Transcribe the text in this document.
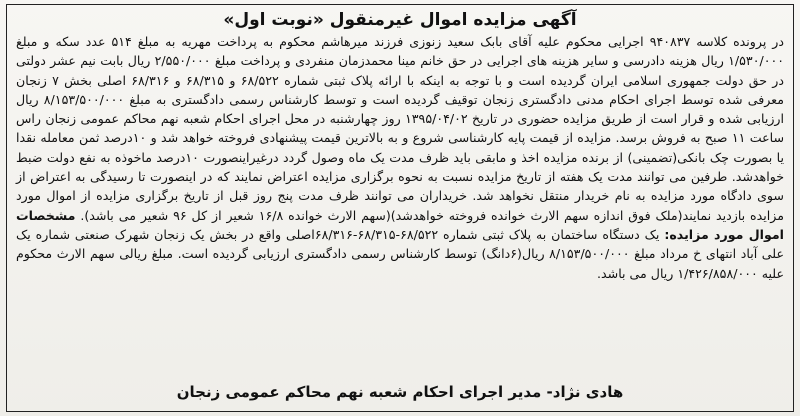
آگهی مزایده اموال غیرمنقول «نوبت اول»

در پرونده کلاسه ۹۴۰۸۳۷ اجرایی محکوم علیه آقای بابک سعید زنوزی فرزند میرهاشم محکوم به پرداخت مهریه به مبلغ ۵۱۴ عدد سکه و مبلغ ۱/۵۳۰/۰۰۰ ریال هزینه دادرسی و سایر هزینه های اجرایی در حق خانم مینا محمدزمان منفردی و پرداخت مبلغ ۲/۵۵۰/۰۰۰ ریال بابت نیم عشر دولتی در حق دولت جمهوری اسلامی ایران گردیده است و با توجه به اینکه با ارائه پلاک ثبتی شماره ۶۸/۵۲۲ و ۶۸/۳۱۵ و ۶۸/۳۱۶ اصلی بخش ۷ زنجان معرفی شده توسط اجرای احکام مدنی دادگستری زنجان توقیف گردیده است و توسط کارشناس رسمی دادگستری به مبلغ ۸/۱۵۳/۵۰۰/۰۰۰ ریال ارزیابی شده و قرار است از طریق مزایده حضوری در تاریخ ۱۳۹۵/۰۴/۰۲ روز چهارشنبه در محل اجرای احکام شعبه نهم محاکم عمومی زنجان راس ساعت ۱۱ صبح به فروش برسد. مزایده از قیمت پایه کارشناسی شروع و به بالاترین قیمت پیشنهادی فروخته خواهد شد و ۱۰درصد ثمن معامله نقدا یا بصورت چک بانکی(تضمینی) از برنده مزایده اخذ و مابقی باید ظرف مدت یک ماه وصول گردد درغیراینصورت ۱۰درصد ماخوذه به نفع دولت ضبط خواهدشد. طرفین می توانند مدت یک هفته از تاریخ مزایده نسبت به نحوه برگزاری مزایده اعتراض نمایند که در اینصورت تا رسیدگی به اعتراض از سوی دادگاه مورد مزایده به نام خریدار منتقل نخواهد شد. خریداران می توانند ظرف مدت پنج روز قبل از تاریخ برگزاری مزایده از اموال مورد مزایده بازدید نمایند(ملک فوق اندازه سهم الارث خوانده فروخته خواهدشد)(سهم الارث خوانده ۱۶/۸ شعیر از کل ۹۶ شعیر می باشد). مشخصات اموال مورد مزایده: یک دستگاه ساختمان به پلاک ثبتی شماره ۶۸/۵۲۲-۶۸/۳۱۵-۶۸/۳۱۶اصلی واقع در بخش یک زنجان شهرک صنعتی شماره یک علی آباد انتهای خ مرداد مبلغ ۸/۱۵۳/۵۰۰/۰۰۰ ریال(۶دانگ) توسط کارشناس رسمی دادگستری ارزیابی گردیده است. مبلغ ریالی سهم الارث محکوم علیه ۱/۴۲۶/۸۵۸/۰۰۰ ریال می باشد.

هادی نژاد- مدیر اجرای احکام شعبه نهم محاکم عمومی زنجان
